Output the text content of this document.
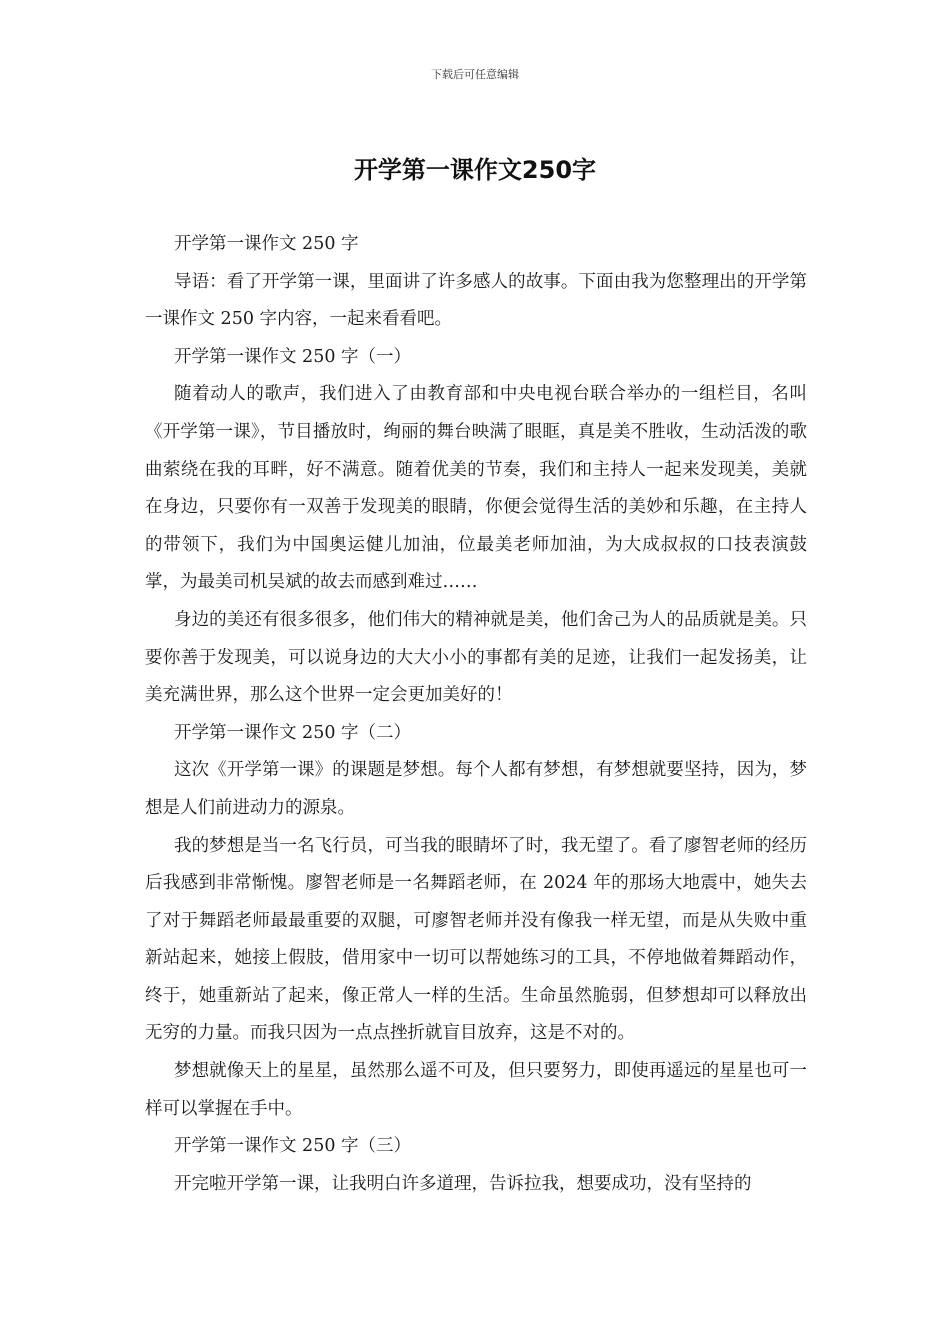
下载后可任意编辑
开学第一课作文250字

开学第一课作文 250 字

导语：看了开学第一课，里面讲了许多感人的故事。下面由我为您整理出的开学第一课作文 250 字内容，一起来看看吧。

开学第一课作文 250 字（一）

随着动人的歌声，我们进入了由教育部和中央电视台联合举办的一组栏目，名叫《开学第一课》，节目播放时，绚丽的舞台映满了眼眶，真是美不胜收，生动活泼的歌曲萦绕在我的耳畔，好不满意。随着优美的节奏，我们和主持人一起来发现美，美就在身边，只要你有一双善于发现美的眼睛，你便会觉得生活的美妙和乐趣，在主持人的带领下，我们为中国奥运健儿加油，位最美老师加油，为大成叔叔的口技表演鼓掌，为最美司机吴斌的故去而感到难过……

身边的美还有很多很多，他们伟大的精神就是美，他们舍己为人的品质就是美。只要你善于发现美，可以说身边的大大小小的事都有美的足迹，让我们一起发扬美，让美充满世界，那么这个世界一定会更加美好的！

开学第一课作文 250 字（二）

这次《开学第一课》的课题是梦想。每个人都有梦想，有梦想就要坚持，因为，梦想是人们前进动力的源泉。

我的梦想是当一名飞行员，可当我的眼睛坏了时，我无望了。看了廖智老师的经历后我感到非常惭愧。廖智老师是一名舞蹈老师，在 2024 年的那场大地震中，她失去了对于舞蹈老师最最重要的双腿，可廖智老师并没有像我一样无望，而是从失败中重新站起来，她接上假肢，借用家中一切可以帮她练习的工具，不停地做着舞蹈动作，终于，她重新站了起来，像正常人一样的生活。生命虽然脆弱，但梦想却可以释放出无穷的力量。而我只因为一点点挫折就盲目放弃，这是不对的。

梦想就像天上的星星，虽然那么遥不可及，但只要努力，即使再遥远的星星也可一样可以掌握在手中。

开学第一课作文 250 字（三）

开完啦开学第一课，让我明白许多道理，告诉拉我，想要成功，没有坚持的
